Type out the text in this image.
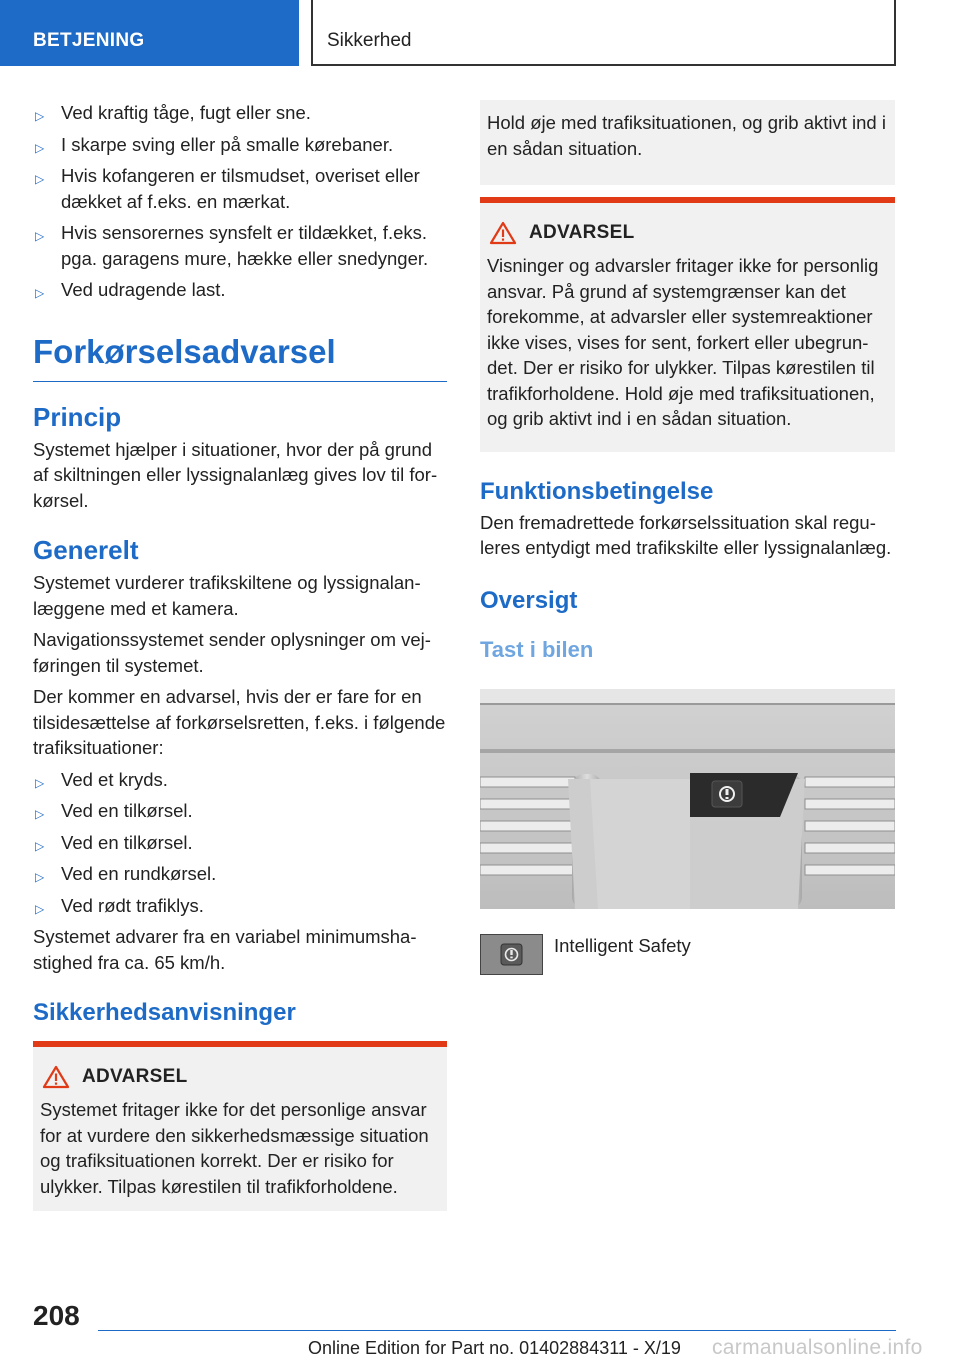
BETJENING	Sikkerhed
▷ Ved kraftig tåge, fugt eller sne.
▷ I skarpe sving eller på smalle kørebaner.
▷ Hvis kofangeren er tilsmudset, overiset eller dækket af f.eks. en mærkat.
▷ Hvis sensorernes synsfelt er tildækket, f.eks. pga. garagens mure, hække eller snedynger.
▷ Ved udragende last.
Forkørselsadvarsel
Princip

Systemet hjælper i situationer, hvor der på grund af skiltningen eller lyssignalanlæg gives lov til forkørsel.

Generelt

Systemet vurderer trafikskiltene og lyssignalanlæggene med et kamera.

Navigationssystemet sender oplysninger om vejføringen til systemet.

Der kommer en advarsel, hvis der er fare for en tilsidesættelse af forkørselsretten, f.eks. i følgende trafiksituationer:

▷ Ved et kryds.
▷ Ved en tilkørsel.
▷ Ved en tilkørsel.
▷ Ved en rundkørsel.
▷ Ved rødt trafiklys.

Systemet advarer fra en variabel minimumshastighed fra ca. 65 km/h.

Sikkerhedsanvisninger
ADVARSEL

Systemet fritager ikke for det personlige ansvar for at vurdere den sikkerhedsmæssige situation og trafiksituationen korrekt. Der er risiko for ulykker. Tilpas kørestilen til trafikforholdene.

Hold øje med trafiksituationen, og grib aktivt ind i en sådan situation.

ADVARSEL

Visninger og advarsler fritager ikke for personlig ansvar. På grund af systemgrænser kan det forekomme, at advarsler eller systemreaktioner ikke vises, vises for sent, forkert eller ubegrundet. Der er risiko for ulykker. Tilpas kørestilen til trafikforholdene. Hold øje med trafiksituationen, og grib aktivt ind i en sådan situation.

Funktionsbetingelse

Den fremadrettede forkørselssituation skal reguleres entydigt med trafikskilte eller lyssignalanlæg.

Oversigt
Tast i bilen
Intelligent Safety
208
Online Edition for Part no. 01402884311 - X/19 carmanualsonline.info
